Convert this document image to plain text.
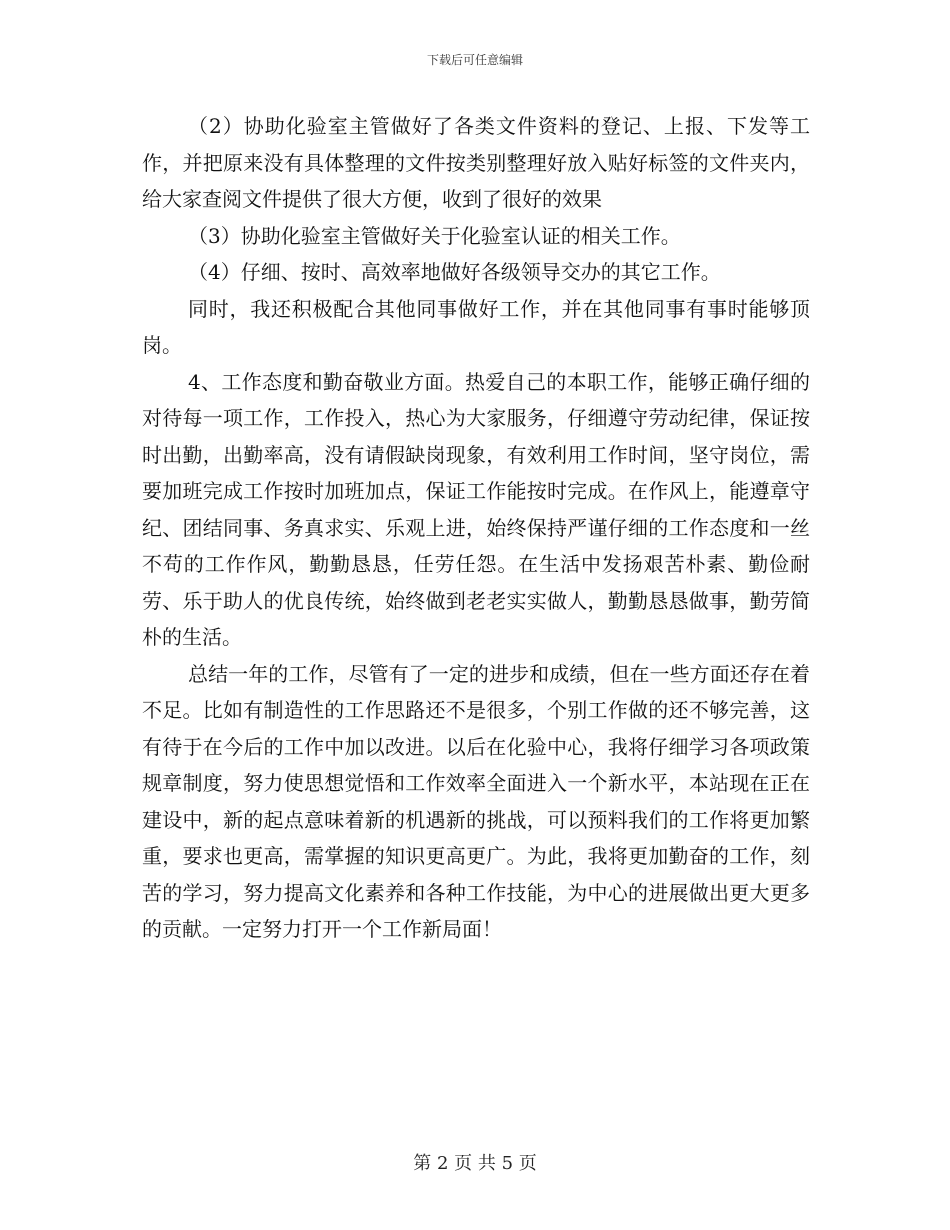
下载后可任意编辑

（2）协助化验室主管做好了各类文件资料的登记、上报、下发等工作，并把原来没有具体整理的文件按类别整理好放入贴好标签的文件夹内，给大家查阅文件提供了很大方便，收到了很好的效果

（3）协助化验室主管做好关于化验室认证的相关工作。

（4）仔细、按时、高效率地做好各级领导交办的其它工作。

同时，我还积极配合其他同事做好工作，并在其他同事有事时能够顶岗。

4、工作态度和勤奋敬业方面。热爱自己的本职工作，能够正确仔细的对待每一项工作，工作投入，热心为大家服务，仔细遵守劳动纪律，保证按时出勤，出勤率高，没有请假缺岗现象，有效利用工作时间，坚守岗位，需要加班完成工作按时加班加点，保证工作能按时完成。在作风上，能遵章守纪、团结同事、务真求实、乐观上进，始终保持严谨仔细的工作态度和一丝不苟的工作作风，勤勤恳恳，任劳任怨。在生活中发扬艰苦朴素、勤俭耐劳、乐于助人的优良传统，始终做到老老实实做人，勤勤恳恳做事，勤劳简朴的生活。

总结一年的工作，尽管有了一定的进步和成绩，但在一些方面还存在着不足。比如有制造性的工作思路还不是很多，个别工作做的还不够完善，这有待于在今后的工作中加以改进。以后在化验中心，我将仔细学习各项政策规章制度，努力使思想觉悟和工作效率全面进入一个新水平，本站现在正在建设中，新的起点意味着新的机遇新的挑战，可以预料我们的工作将更加繁重，要求也更高，需掌握的知识更高更广。为此，我将更加勤奋的工作，刻苦的学习，努力提高文化素养和各种工作技能，为中心的进展做出更大更多的贡献。一定努力打开一个工作新局面！

第 2 页 共 5 页
